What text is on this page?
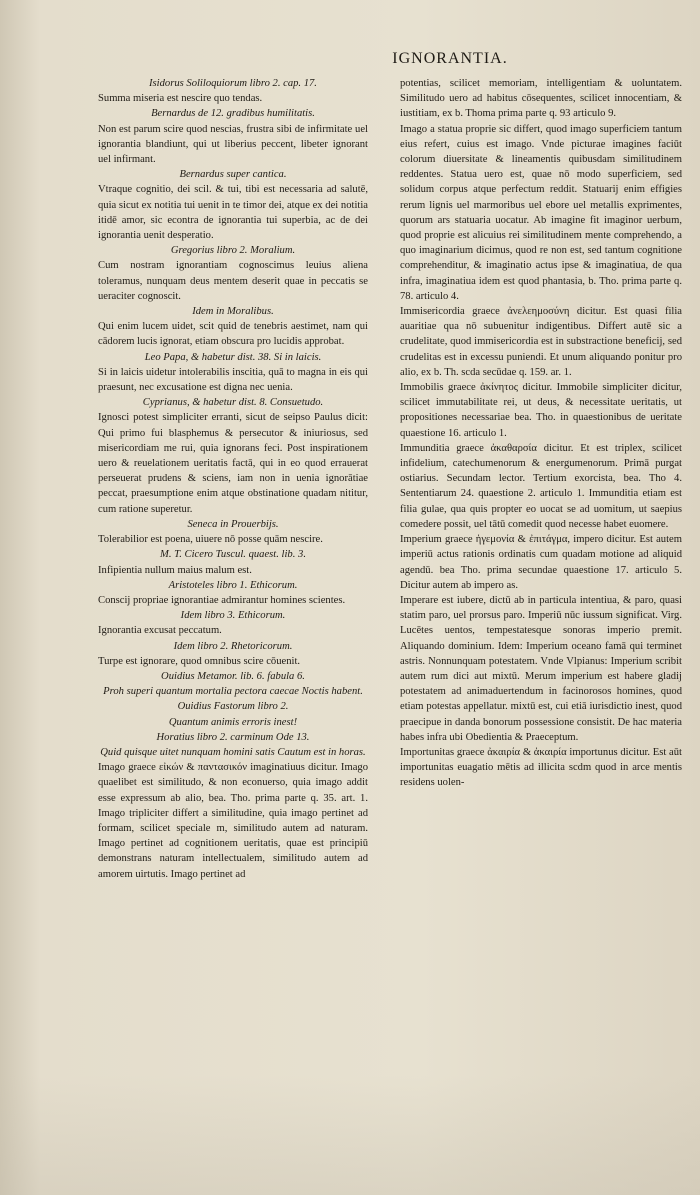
IGNORANTIA.

Isidorus Soliloquiorum libro 2. cap. 17.

Summa miseria est nescire quo tendas.

Bernardus de 12. gradibus humilitatis.

Non est parum scire quod nescias, frustra sibi de infirmitate uel ignorantia blandiunt, qui ut liberius peccent, libeter ignorant uel infirmant.

Bernardus super cantica.

Vtraque cognitio, dei scil. & tui, tibi est necessaria ad salutē, quia sicut ex notitia tui uenit in te timor dei, atque ex dei notitia itidē amor, sic econtra de ignorantia tui superbia, ac de dei ignorantia uenit desperatio.

Gregorius libro 2. Moralium.

Cum nostram ignorantiam cognoscimus leuius aliena toleramus, nunquam deus mentem deserit quae in peccatis se ueraciter cognoscit.

Idem in Moralibus.

Qui enim lucem uidet, scit quid de tenebris aestimet, nam qui cādorem lucis ignorat, etiam obscura pro lucidis approbat.

Leo Papa, & habetur dist. 38. Si in laicis.

Si in laicis uidetur intolerabilis inscitia, quā to magna in eis qui praesunt, nec excusatione est digna nec uenia.

Cyprianus, & habetur dist. 8. Consuetudo.

Ignosci potest simpliciter erranti, sicut de seipso Paulus dicit: Qui primo fui blasphemus & persecutor & iniuriosus, sed misericordiam me rui, quia ignorans feci. Post inspirationem uero & reuelationem ueritatis factā, qui in eo quod errauerat perseuerat prudens & sciens, iam non in uenia ignorātiae peccat, praesumptione enim atque obstinatione quadam nititur, cum ratione superetur.

Seneca in Prouerbijs.

Tolerabilior est poena, uiuere nō posse quām nescire.

M. T. Cicero Tuscul. quaest. lib. 3.

Infipientia nullum maius malum est.

Aristoteles libro 1. Ethicorum.

Conscij propriae ignorantiae admirantur homines scientes.

Idem libro 3. Ethicorum.

Ignorantia excusat peccatum.

Idem libro 2. Rhetoricorum.

Turpe est ignorare, quod omnibus scire cōuenit.

Ouidius Metamor. lib. 6. fabula 6.

Proh superi quantum mortalia pectora caecae Noctis habent.

Ouidius Fastorum libro 2.

Quantum animis erroris inest!

Horatius libro 2. carminum Ode 13.

Quid quisque uitet nunquam homini satis Cautum est in horas.

Imago graece εἰκών & παντασικόν imaginatiuus dicitur. Imago quaelibet est similitudo, & non econuerso, quia imago addit esse expressum ab alio, bea. Tho. prima parte q. 35. art. 1. Imago tripliciter differt a similitudine, quia imago pertinet ad formam, scilicet speciale m, similitudo autem ad naturam. Imago pertinet ad cognitionem ueritatis, quae est principiū demonstrans naturam intellectualem, similitudo autem ad amorem uirtutis. Imago pertinet ad

potentias, scilicet memoriam, intelligentiam & uoluntatem. Similitudo uero ad habitus cōsequentes, scilicet innocentiam, & iustitiam, ex b. Thoma prima parte q. 93 articulo 9.

Imago a statua proprie sic differt, quod imago superficiem tantum eius refert, cuius est imago. Vnde picturae imagines faciūt colorum diuersitate & lineamentis quibusdam similitudinem reddentes. Statua uero est, quae nō modo superficiem, sed solidum corpus atque perfectum reddit. Statuarij enim effigies rerum lignis uel marmoribus uel ebore uel metallis exprimentes, quorum ars statuaria uocatur. Ab imagine fit imaginor uerbum, quod proprie est alicuius rei similitudinem mente comprehendo, a quo imaginarium dicimus, quod re non est, sed tantum cognitione comprehenditur, & imaginatio actus ipse & imaginatiua, de qua infra, imaginatiua idem est quod phantasia, b. Tho. prima parte q. 78. articulo 4.

Immisericordia graece ἀνελεημοσύνη dicitur. Est quasi filia auaritiae qua nō subuenitur indigentibus. Differt autē sic a crudelitate, quod immisericordia est in substractione beneficij, sed crudelitas est in excessu puniendi. Et unum aliquando ponitur pro alio, ex b. Th. scda secūdae q. 159. ar. 1.

Immobilis graece ἀκίνητος dicitur. Immobile simpliciter dicitur, scilicet immutabilitate rei, ut deus, & necessitate ueritatis, ut propositiones necessariae bea. Tho. in quaestionibus de ueritate quaestione 16. articulo 1.

Immunditia graece ἀκαθαρσία dicitur. Et est triplex, scilicet infidelium, catechumenorum & energumenorum. Primā purgat ostiarius. Secundam lector. Tertium exorcista, bea. Tho 4. Sententiarum 24. quaestione 2. articulo 1. Immunditia etiam est filia gulae, qua quis propter eo uocat se ad uomitum, ut saepius comedere possit, uel tātū comedit quod necesse habet euomere.

Imperium graece ἡγεμονία & ἐπιτάγμα, impero dicitur. Est autem imperiū actus rationis ordinatis cum quadam motione ad aliquid agendū. bea Tho. prima secundae quaestione 17. articulo 5. Dicitur autem ab impero as.

Imperare est iubere, dictū ab in particula intentiua, & paro, quasi statim paro, uel prorsus paro. Imperiū nūc iussum significat. Virg. Lucētes uentos, tempestatesque sonoras imperio premit. Aliquando dominium. Idem: Imperium oceano famā qui terminet astris. Nonnunquam potestatem. Vnde Vlpianus: Imperium scribit autem rum dici aut mixtū. Merum imperium est habere gladij potestatem ad animaduertendum in facinorosos homines, quod etiam potestas appellatur. mixtū est, cui etiā iurisdictio inest, quod praecipue in danda bonorum possessione consistit. De hac materia habes infra ubi Obedientia & Praeceptum.

Importunitas graece ἀκαιρία & ἀκαιρία importunus dicitur. Est aūt importunitas euagatio mētis ad illicita scdm quod in arce mentis residens uolen-
